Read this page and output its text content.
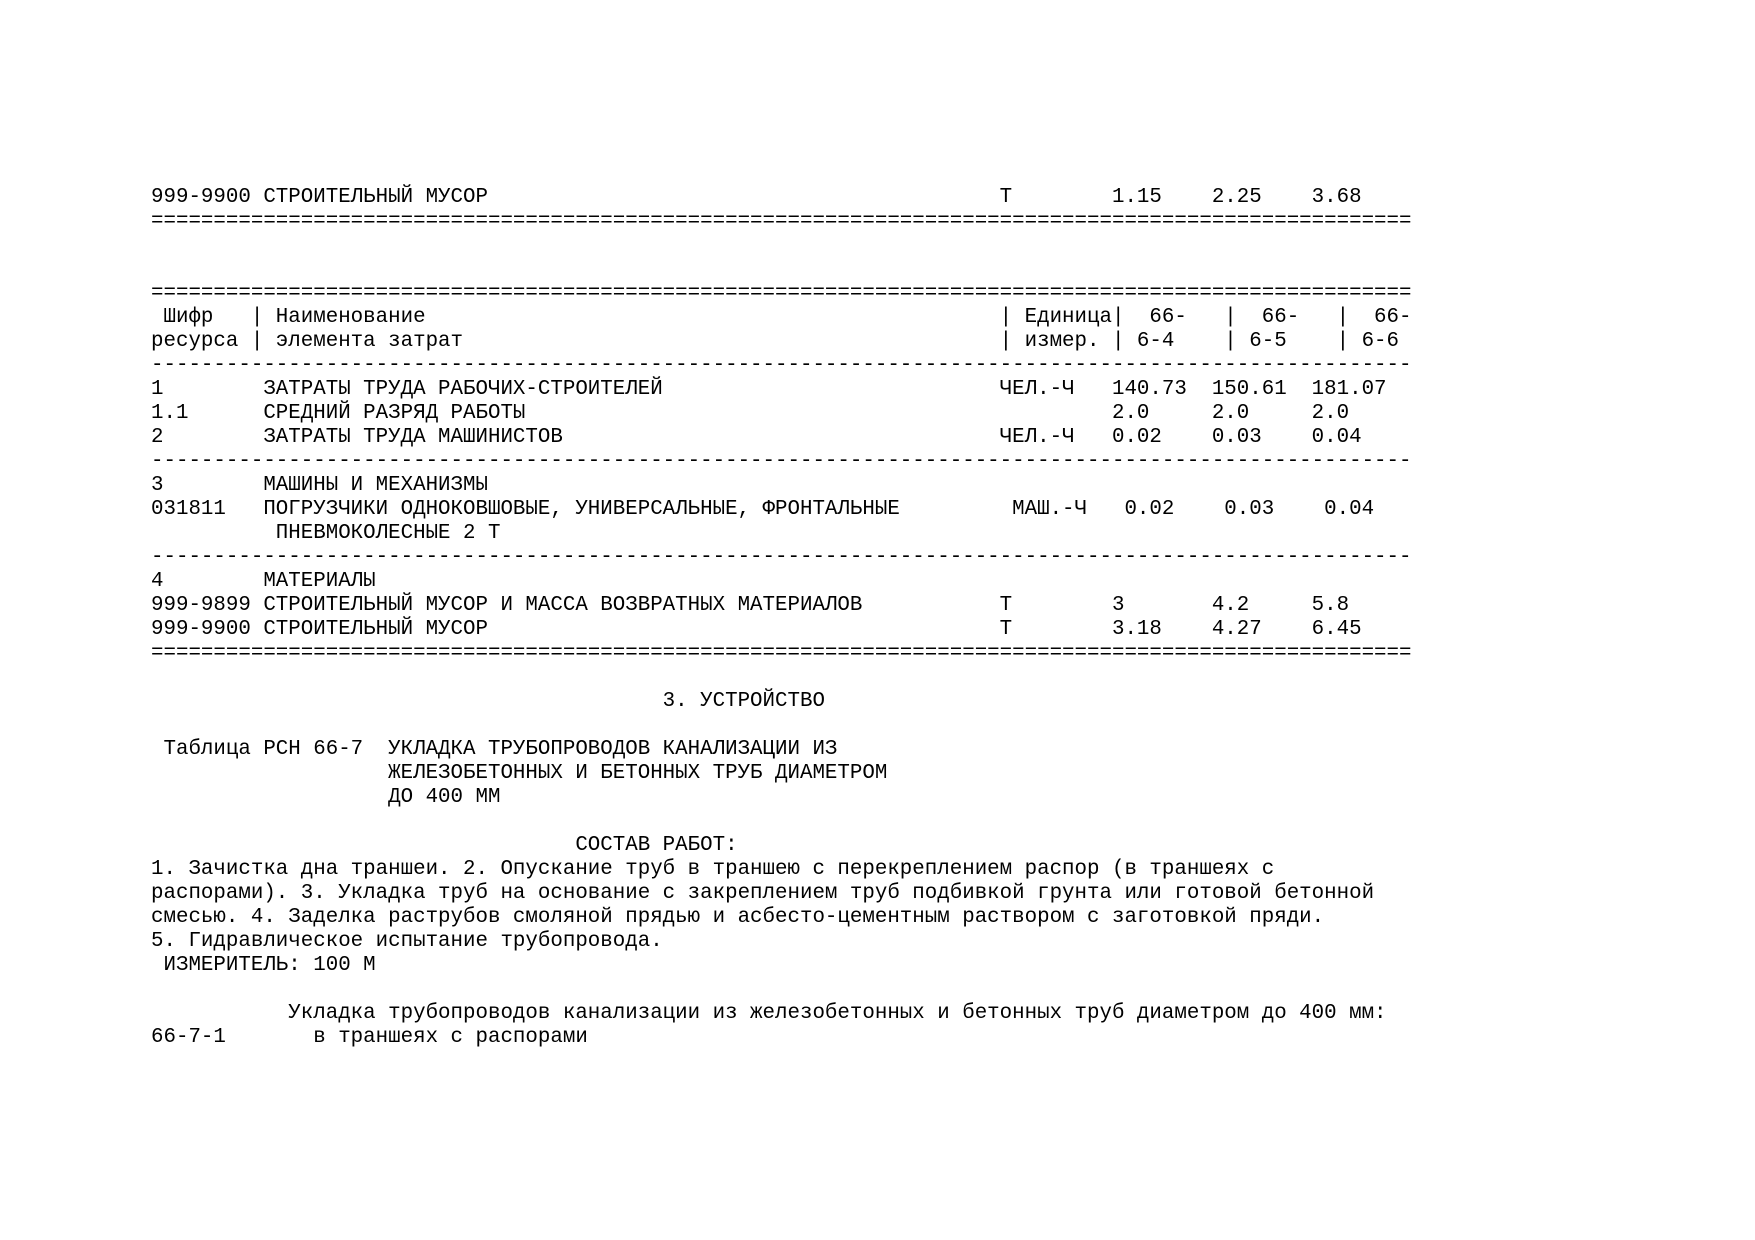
999-9900 СТРОИТЕЛЬНЫЙ МУСОР                                         Т        1.15    2.25    3.68
=====================================================================================================

=====================================================================================================
Шифр   | Наименование                                              | Единица|  66-   |  66-   |  66-
ресурса | элемента затрат                                           | измер. | 6-4    | 6-5    | 6-6
-----------------------------------------------------------------------------------------------------
1        ЗАТРАТЫ ТРУДА РАБОЧИХ-СТРОИТЕЛЕЙ                           ЧЕЛ.-Ч   140.73  150.61  181.07
1.1      СРЕДНИЙ РАЗРЯД РАБОТЫ                                               2.0     2.0     2.0
2        ЗАТРАТЫ ТРУДА МАШИНИСТОВ                                   ЧЕЛ.-Ч   0.02    0.03    0.04
-----------------------------------------------------------------------------------------------------
3        МАШИНЫ И МЕХАНИЗМЫ
031811   ПОГРУЗЧИКИ ОДНОКОВШОВЫЕ, УНИВЕРСАЛЬНЫЕ, ФРОНТАЛЬНЫЕ         МАШ.-Ч   0.02    0.03    0.04
ПНЕВМОКОЛЕСНЫЕ 2 Т
-----------------------------------------------------------------------------------------------------
4        МАТЕРИАЛЫ
999-9899 СТРОИТЕЛЬНЫЙ МУСОР И МАССА ВОЗВРАТНЫХ МАТЕРИАЛОВ           Т        3       4.2     5.8
999-9900 СТРОИТЕЛЬНЫЙ МУСОР                                         Т        3.18    4.27    6.45
=====================================================================================================

3. УСТРОЙСТВО

Таблица РСН 66-7  УКЛАДКА ТРУБОПРОВОДОВ КАНАЛИЗАЦИИ ИЗ
ЖЕЛЕЗОБЕТОННЫХ И БЕТОННЫХ ТРУБ ДИАМЕТРОМ
ДО 400 ММ

СОСТАВ РАБОТ:
1. Зачистка дна траншеи. 2. Опускание труб в траншею с перекреплением распор (в траншеях с
распорами). 3. Укладка труб на основание с закреплением труб подбивкой грунта или готовой бетонной
смесью. 4. Заделка раструбов смоляной прядью и асбесто-цементным раствором с заготовкой пряди.
5. Гидравлическое испытание трубопровода.
ИЗМЕРИТЕЛЬ: 100 М

Укладка трубопроводов канализации из железобетонных и бетонных труб диаметром до 400 мм:
66-7-1       в траншеях с распорами
